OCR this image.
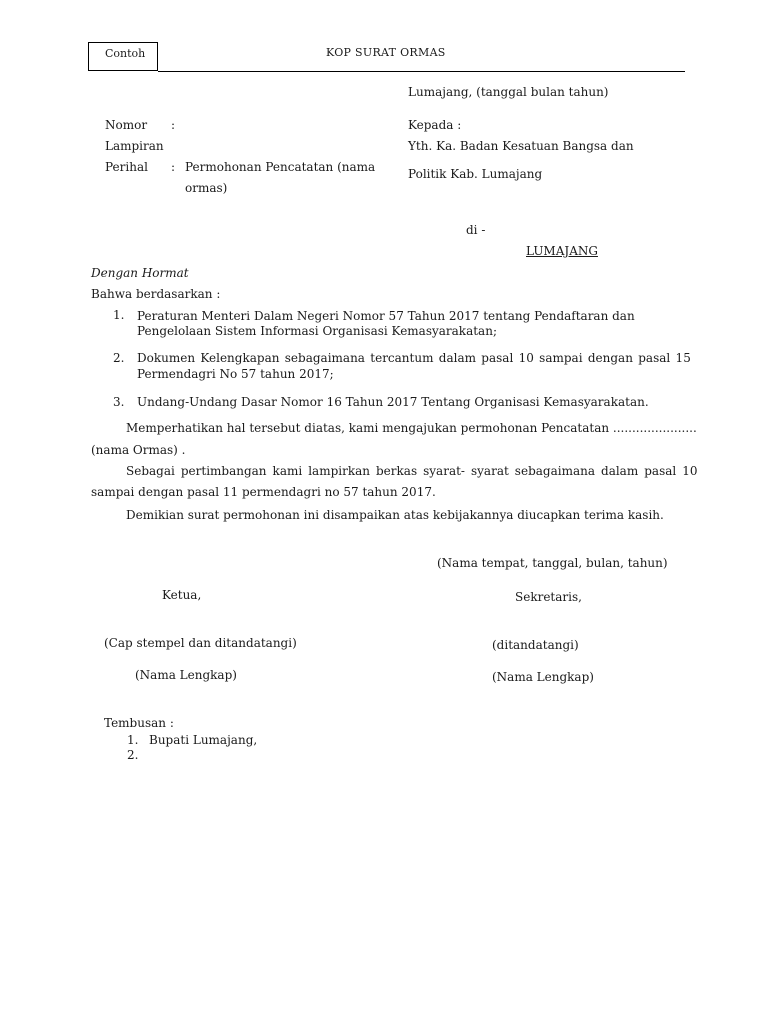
Contoh	KOP SURAT ORMAS
Lumajang, (tanggal bulan tahun)
Nomor :
Lampiran
Perihal : Permohonan Pencatatan (nama
ormas)
Kepada :
Yth. Ka. Badan Kesatuan Bangsa dan
Politik Kab. Lumajang
di -
LUMAJANG
Dengan Hormat
Bahwa berdasarkan :
1. Peraturan Menteri Dalam Negeri Nomor 57 Tahun 2017 tentang Pendaftaran dan
Pengelolaan Sistem Informasi Organisasi Kemasyarakatan;
2. Dokumen Kelengkapan sebagaimana tercantum dalam pasal 10 sampai dengan pasal 15
Permendagri No 57 tahun 2017;
3. Undang-Undang Dasar Nomor 16 Tahun 2017 Tentang Organisasi Kemasyarakatan.
Memperhatikan hal tersebut diatas, kami mengajukan permohonan Pencatatan ......................
(nama Ormas) .
Sebagai pertimbangan kami lampirkan berkas syarat- syarat sebagaimana dalam pasal 10
sampai dengan pasal 11 permendagri no 57 tahun 2017.
Demikian surat permohonan ini disampaikan atas kebijakannya diucapkan terima kasih.
(Nama tempat, tanggal, bulan, tahun)
Ketua,	Sekretaris,
(Cap stempel dan ditandatangi)	(ditandatangi)
(Nama Lengkap)	(Nama Lengkap)
Tembusan :
1. Bupati Lumajang,
2.
